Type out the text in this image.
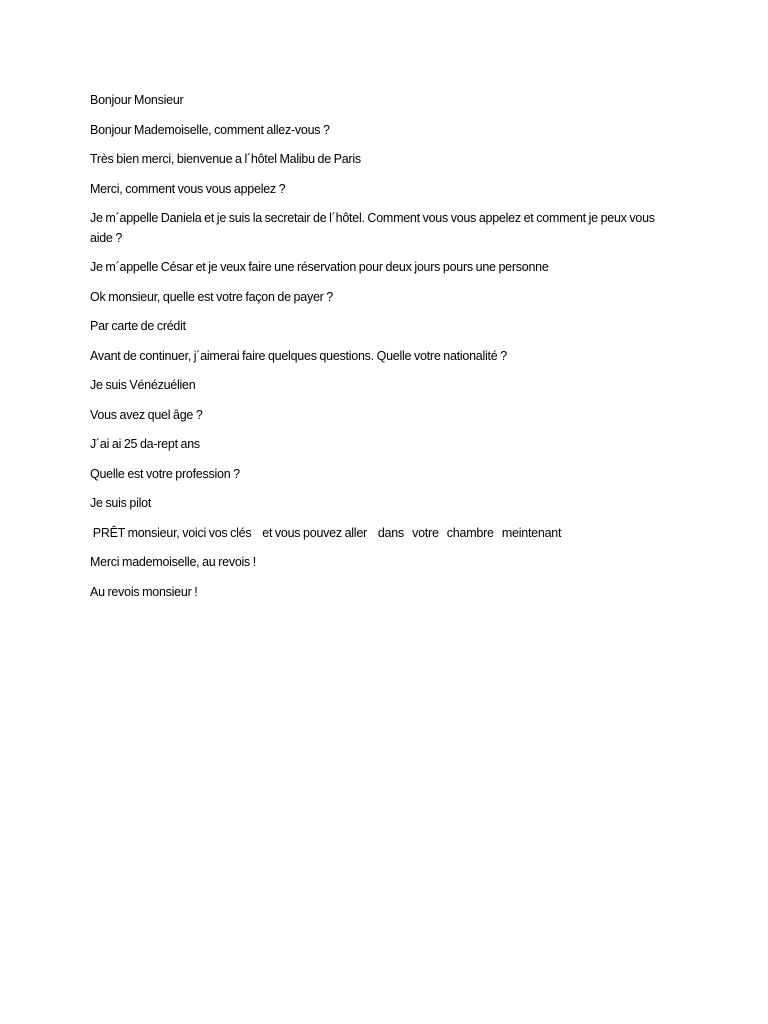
Bonjour Monsieur

Bonjour Mademoiselle, comment allez-vous ?

Très bien merci, bienvenue a l´hôtel Malibu de Paris

Merci, comment vous vous appelez ?

Je m´appelle Daniela et je suis la secretair de l´hôtel. Comment vous vous appelez et comment je peux vous aide ?

Je m´appelle César et je veux faire une réservation pour deux jours pours une personne

Ok monsieur, quelle est votre façon de payer ?

Par carte de crédit

Avant de continuer, j´aimerai faire quelques questions. Quelle votre nationalité ?

Je suis Vénézuélien

Vous avez quel âge ?

J´ai ai 25 da-rept ans

Quelle est votre profession ?

Je suis pilot

PRÊT monsieur, voici vos clés    et vous pouvez aller    dans   votre   chambre   meintenant

Merci mademoiselle, au revois !

Au revois monsieur !
